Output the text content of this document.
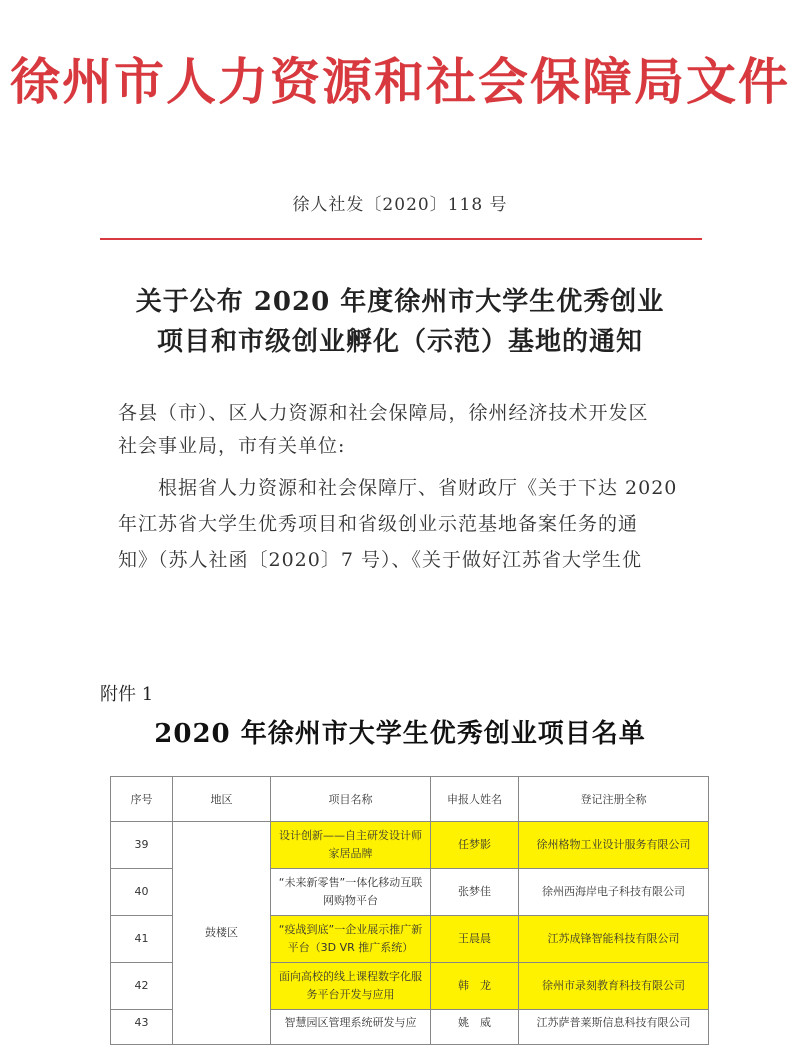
徐州市人力资源和社会保障局文件
徐人社发〔2020〕118 号
关于公布 2020 年度徐州市大学生优秀创业
项目和市级创业孵化（示范）基地的通知
各县（市）、区人力资源和社会保障局，徐州经济技术开发区
社会事业局，市有关单位:
根据省人力资源和社会保障厅、省财政厅《关于下达 2020
年江苏省大学生优秀项目和省级创业示范基地备案任务的通
知》（苏人社函〔2020〕7 号）、《关于做好江苏省大学生优
附件 1
2020 年徐州市大学生优秀创业项目名单
序号	地区	项目名称	申报人姓名	登记注册全称
39	鼓楼区	设计创新——自主研发设计师家居品牌	任梦影	徐州格物工业设计服务有限公司
40		“未来新零售”一体化移动互联网购物平台	张梦佳	徐州西海岸电子科技有限公司
41		“疫战到底”一企业展示推广新平台（3D VR 推广系统）	王晨晨	江苏成锋智能科技有限公司
42		面向高校的线上课程数字化服务平台开发与应用	韩　龙	徐州市录刻教育科技有限公司
43		智慧园区管理系统研发与应	姚　威	江苏萨普莱斯信息科技有限公司
